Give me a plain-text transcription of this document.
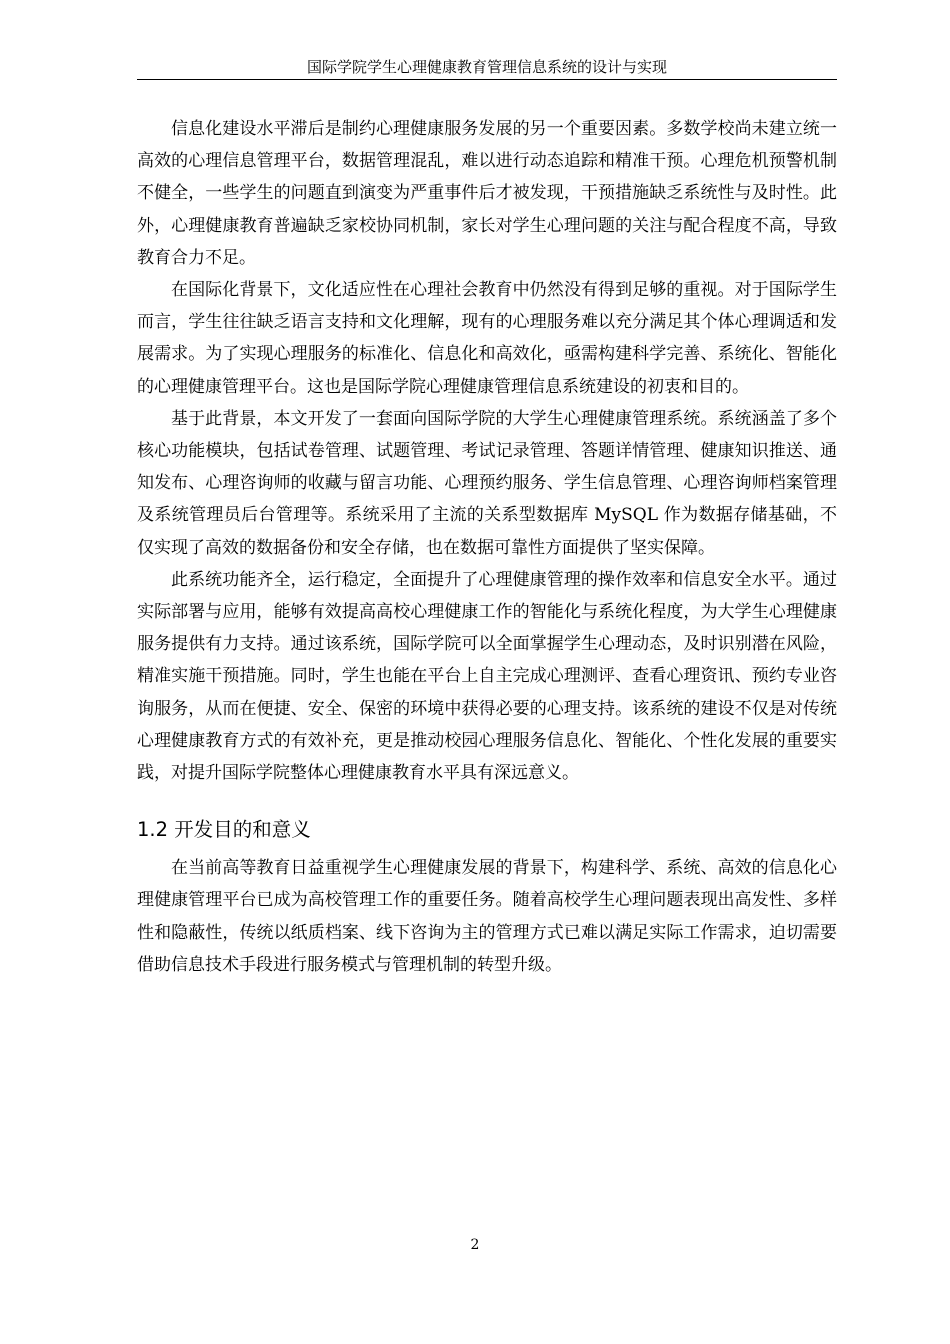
国际学院学生心理健康教育管理信息系统的设计与实现

信息化建设水平滞后是制约心理健康服务发展的另一个重要因素。多数学校尚未建立统一高效的心理信息管理平台，数据管理混乱，难以进行动态追踪和精准干预。心理危机预警机制不健全，一些学生的问题直到演变为严重事件后才被发现，干预措施缺乏系统性与及时性。此外，心理健康教育普遍缺乏家校协同机制，家长对学生心理问题的关注与配合程度不高，导致教育合力不足。

在国际化背景下，文化适应性在心理社会教育中仍然没有得到足够的重视。对于国际学生而言，学生往往缺乏语言支持和文化理解，现有的心理服务难以充分满足其个体心理调适和发展需求。为了实现心理服务的标准化、信息化和高效化，亟需构建科学完善、系统化、智能化的心理健康管理平台。这也是国际学院心理健康管理信息系统建设的初衷和目的。

基于此背景，本文开发了一套面向国际学院的大学生心理健康管理系统。系统涵盖了多个核心功能模块，包括试卷管理、试题管理、考试记录管理、答题详情管理、健康知识推送、通知发布、心理咨询师的收藏与留言功能、心理预约服务、学生信息管理、心理咨询师档案管理及系统管理员后台管理等。系统采用了主流的关系型数据库 MySQL 作为数据存储基础，不仅实现了高效的数据备份和安全存储，也在数据可靠性方面提供了坚实保障。

此系统功能齐全，运行稳定，全面提升了心理健康管理的操作效率和信息安全水平。通过实际部署与应用，能够有效提高高校心理健康工作的智能化与系统化程度，为大学生心理健康服务提供有力支持。通过该系统，国际学院可以全面掌握学生心理动态，及时识别潜在风险，精准实施干预措施。同时，学生也能在平台上自主完成心理测评、查看心理资讯、预约专业咨询服务，从而在便捷、安全、保密的环境中获得必要的心理支持。该系统的建设不仅是对传统心理健康教育方式的有效补充，更是推动校园心理服务信息化、智能化、个性化发展的重要实践，对提升国际学院整体心理健康教育水平具有深远意义。

1.2 开发目的和意义

在当前高等教育日益重视学生心理健康发展的背景下，构建科学、系统、高效的信息化心理健康管理平台已成为高校管理工作的重要任务。随着高校学生心理问题表现出高发性、多样性和隐蔽性，传统以纸质档案、线下咨询为主的管理方式已难以满足实际工作需求，迫切需要借助信息技术手段进行服务模式与管理机制的转型升级。

2
